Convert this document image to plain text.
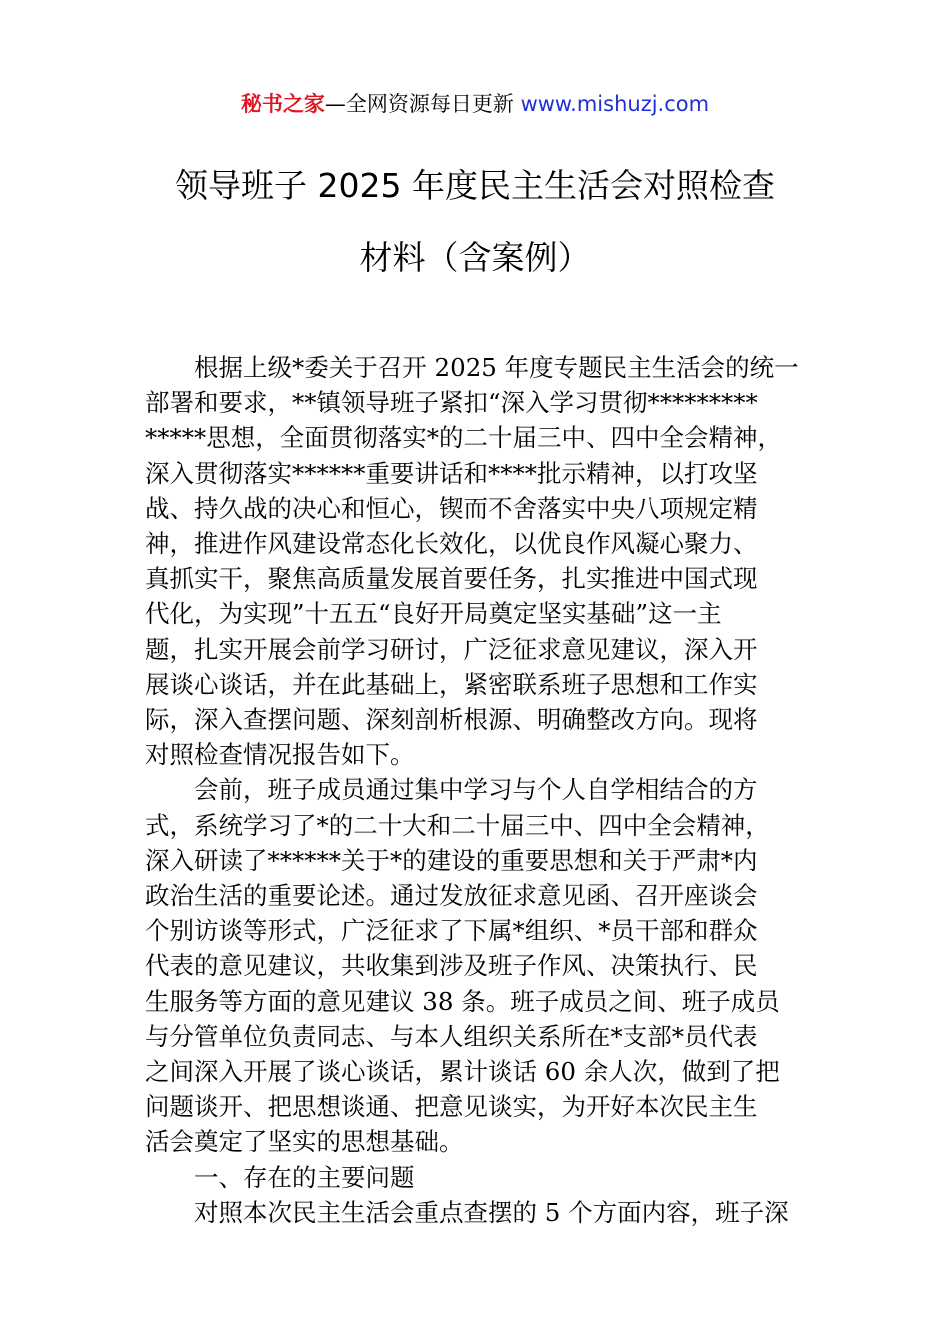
秘书之家—全网资源每日更新 www.mishuzj.com
领导班子 2025 年度民主生活会对照检查
材料（含案例）
根据上级*委关于召开 2025 年度专题民主生活会的统一
部署和要求，**镇领导班子紧扣“深入学习贯彻*********
*****思想，全面贯彻落实*的二十届三中、四中全会精神，
深入贯彻落实******重要讲话和****批示精神，以打攻坚
战、持久战的决心和恒心，锲而不舍落实中央八项规定精
神，推进作风建设常态化长效化，以优良作风凝心聚力、
真抓实干，聚焦高质量发展首要任务，扎实推进中国式现
代化，为实现”十五五“良好开局奠定坚实基础”这一主
题，扎实开展会前学习研讨，广泛征求意见建议，深入开
展谈心谈话，并在此基础上，紧密联系班子思想和工作实
际，深入查摆问题、深刻剖析根源、明确整改方向。现将
对照检查情况报告如下。
会前，班子成员通过集中学习与个人自学相结合的方
式，系统学习了*的二十大和二十届三中、四中全会精神，
深入研读了******关于*的建设的重要思想和关于严肃*内
政治生活的重要论述。通过发放征求意见函、召开座谈会
个别访谈等形式，广泛征求了下属*组织、*员干部和群众
代表的意见建议，共收集到涉及班子作风、决策执行、民
生服务等方面的意见建议 38 条。班子成员之间、班子成员
与分管单位负责同志、与本人组织关系所在*支部*员代表
之间深入开展了谈心谈话，累计谈话 60 余人次，做到了把
问题谈开、把思想谈通、把意见谈实，为开好本次民主生
活会奠定了坚实的思想基础。
一、存在的主要问题
对照本次民主生活会重点查摆的 5 个方面内容，班子深
